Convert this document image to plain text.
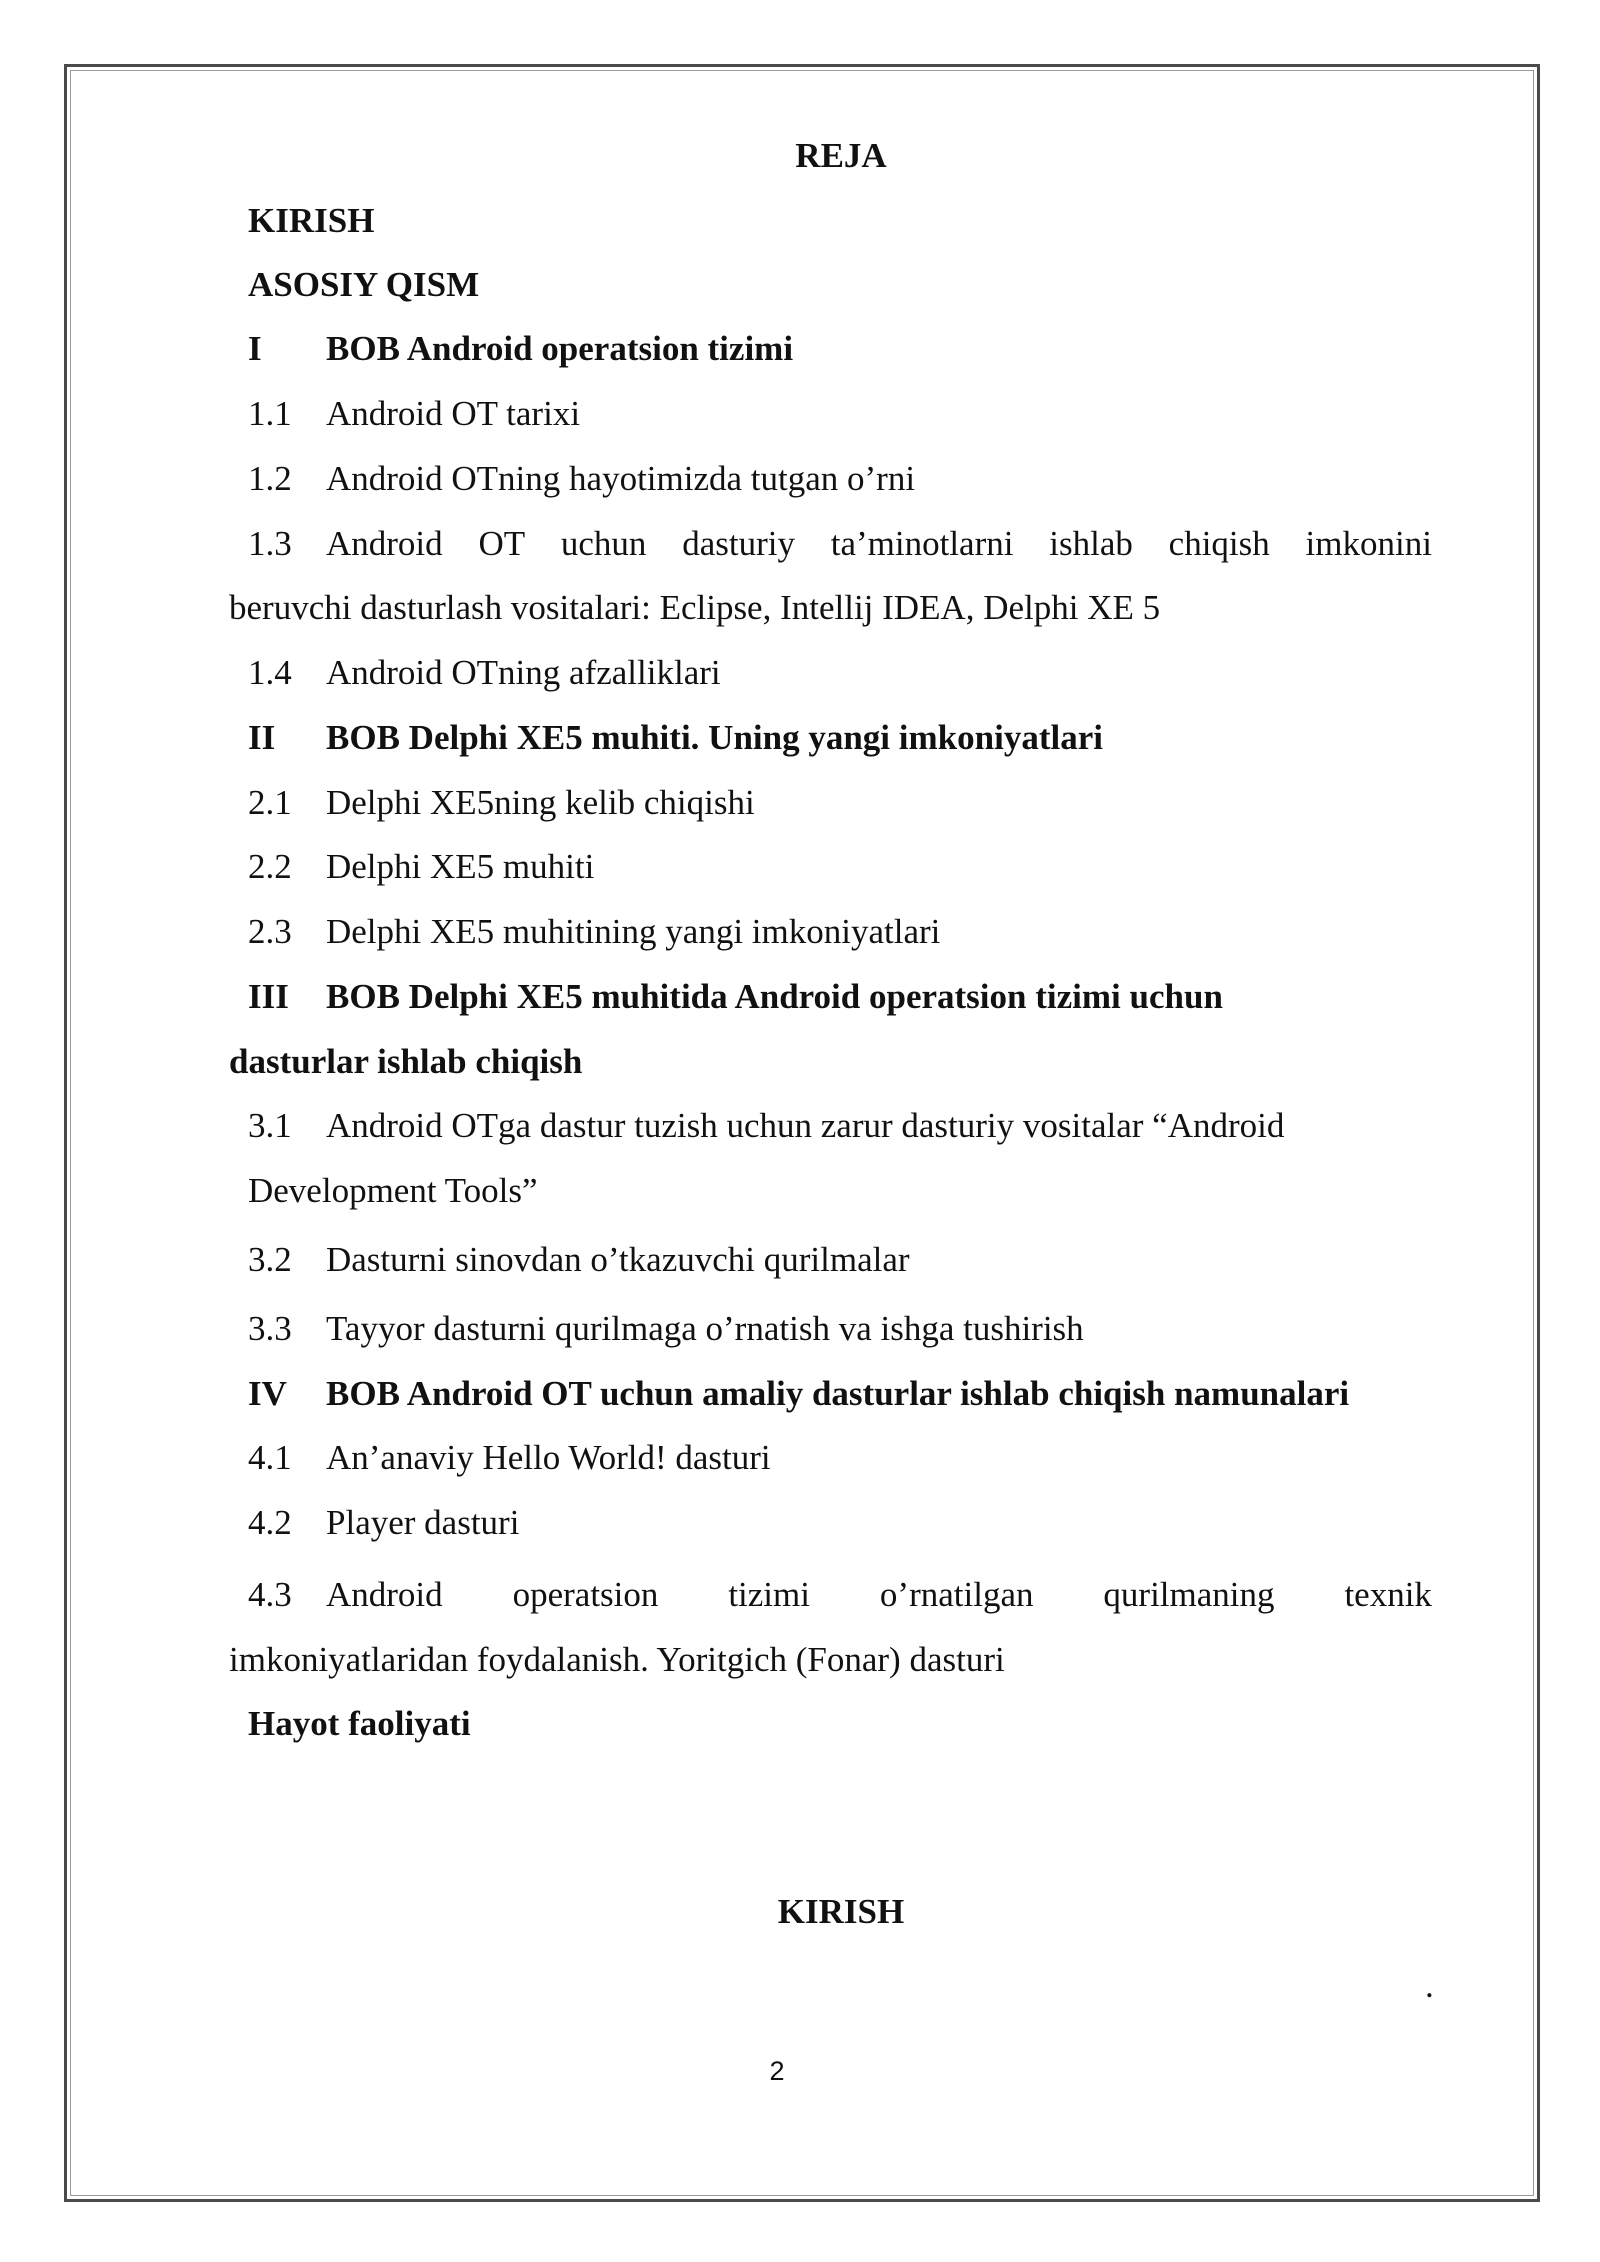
REJA

KIRISH

ASOSIY QISM

I	BOB Android operatsion tizimi
1.1 Android OT tarixi
1.2 Android OTning hayotimizda tutgan o’rni
1.3 Android OT uchun dasturiy ta’minotlarni ishlab chiqish imkonini
beruvchi dasturlash vositalari: Eclipse, Intellij IDEA, Delphi XE 5
1.4 Android OTning afzalliklari
II	BOB Delphi XE5 muhiti. Uning yangi imkoniyatlari
2.1 Delphi XE5ning kelib chiqishi
2.2 Delphi XE5 muhiti
2.3 Delphi XE5 muhitining yangi imkoniyatlari
III	BOB Delphi XE5 muhitida Android operatsion tizimi uchun
dasturlar ishlab chiqish
3.1 Android OTga dastur tuzish uchun zarur dasturiy vositalar “Android
Development Tools”
3.2 Dasturni sinovdan o’tkazuvchi qurilmalar
3.3 Tayyor dasturni qurilmaga o’rnatish va ishga tushirish
IV	BOB Android OT uchun amaliy dasturlar ishlab chiqish namunalari
4.1 An’anaviy Hello World! dasturi
4.2 Player dasturi
4.3 Android operatsion tizimi o’rnatilgan qurilmaning texnik
imkoniyatlaridan foydalanish. Yoritgich (Fonar) dasturi

Hayot faoliyati

KIRISH

.
2
